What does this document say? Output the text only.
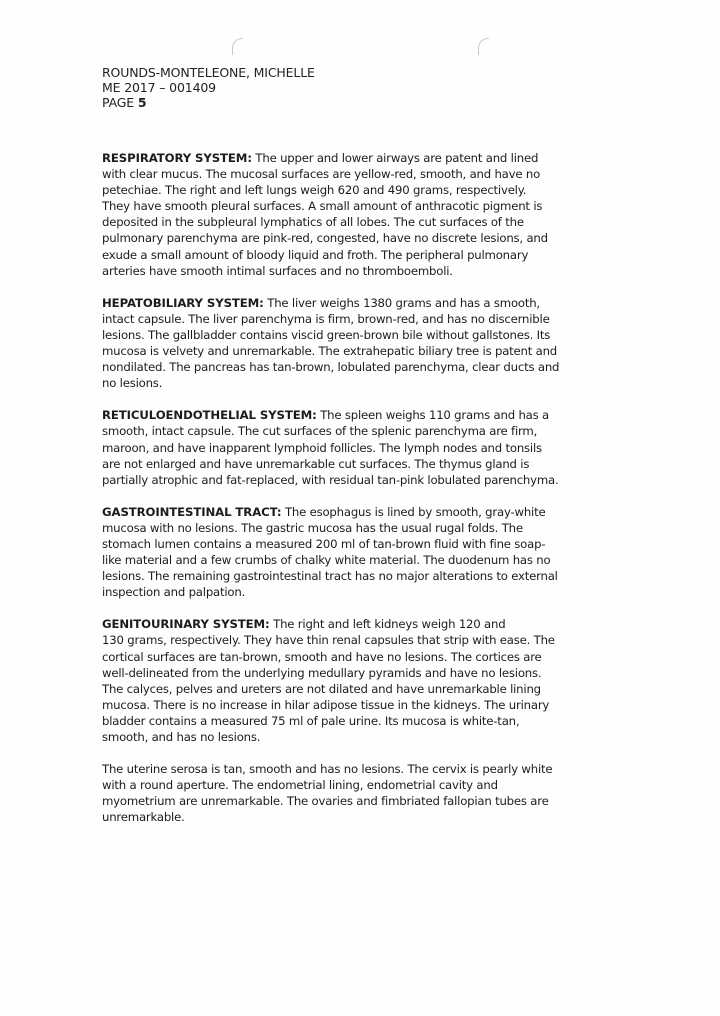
ROUNDS-MONTELEONE, MICHELLE
ME 2017 – 001409
PAGE 5
RESPIRATORY SYSTEM: The upper and lower airways are patent and lined
with clear mucus. The mucosal surfaces are yellow-red, smooth, and have no
petechiae. The right and left lungs weigh 620 and 490 grams, respectively.
They have smooth pleural surfaces. A small amount of anthracotic pigment is
deposited in the subpleural lymphatics of all lobes. The cut surfaces of the
pulmonary parenchyma are pink-red, congested, have no discrete lesions, and
exude a small amount of bloody liquid and froth. The peripheral pulmonary
arteries have smooth intimal surfaces and no thromboemboli.
HEPATOBILIARY SYSTEM: The liver weighs 1380 grams and has a smooth,
intact capsule. The liver parenchyma is firm, brown-red, and has no discernible
lesions. The gallbladder contains viscid green-brown bile without gallstones. Its
mucosa is velvety and unremarkable. The extrahepatic biliary tree is patent and
nondilated. The pancreas has tan-brown, lobulated parenchyma, clear ducts and
no lesions.
RETICULOENDOTHELIAL SYSTEM: The spleen weighs 110 grams and has a
smooth, intact capsule. The cut surfaces of the splenic parenchyma are firm,
maroon, and have inapparent lymphoid follicles. The lymph nodes and tonsils
are not enlarged and have unremarkable cut surfaces. The thymus gland is
partially atrophic and fat-replaced, with residual tan-pink lobulated parenchyma.
GASTROINTESTINAL TRACT: The esophagus is lined by smooth, gray-white
mucosa with no lesions. The gastric mucosa has the usual rugal folds. The
stomach lumen contains a measured 200 ml of tan-brown fluid with fine soap-
like material and a few crumbs of chalky white material. The duodenum has no
lesions. The remaining gastrointestinal tract has no major alterations to external
inspection and palpation.
GENITOURINARY SYSTEM: The right and left kidneys weigh 120 and
130 grams, respectively. They have thin renal capsules that strip with ease. The
cortical surfaces are tan-brown, smooth and have no lesions. The cortices are
well-delineated from the underlying medullary pyramids and have no lesions.
The calyces, pelves and ureters are not dilated and have unremarkable lining
mucosa. There is no increase in hilar adipose tissue in the kidneys. The urinary
bladder contains a measured 75 ml of pale urine. Its mucosa is white-tan,
smooth, and has no lesions.
The uterine serosa is tan, smooth and has no lesions. The cervix is pearly white
with a round aperture. The endometrial lining, endometrial cavity and
myometrium are unremarkable. The ovaries and fimbriated fallopian tubes are
unremarkable.
